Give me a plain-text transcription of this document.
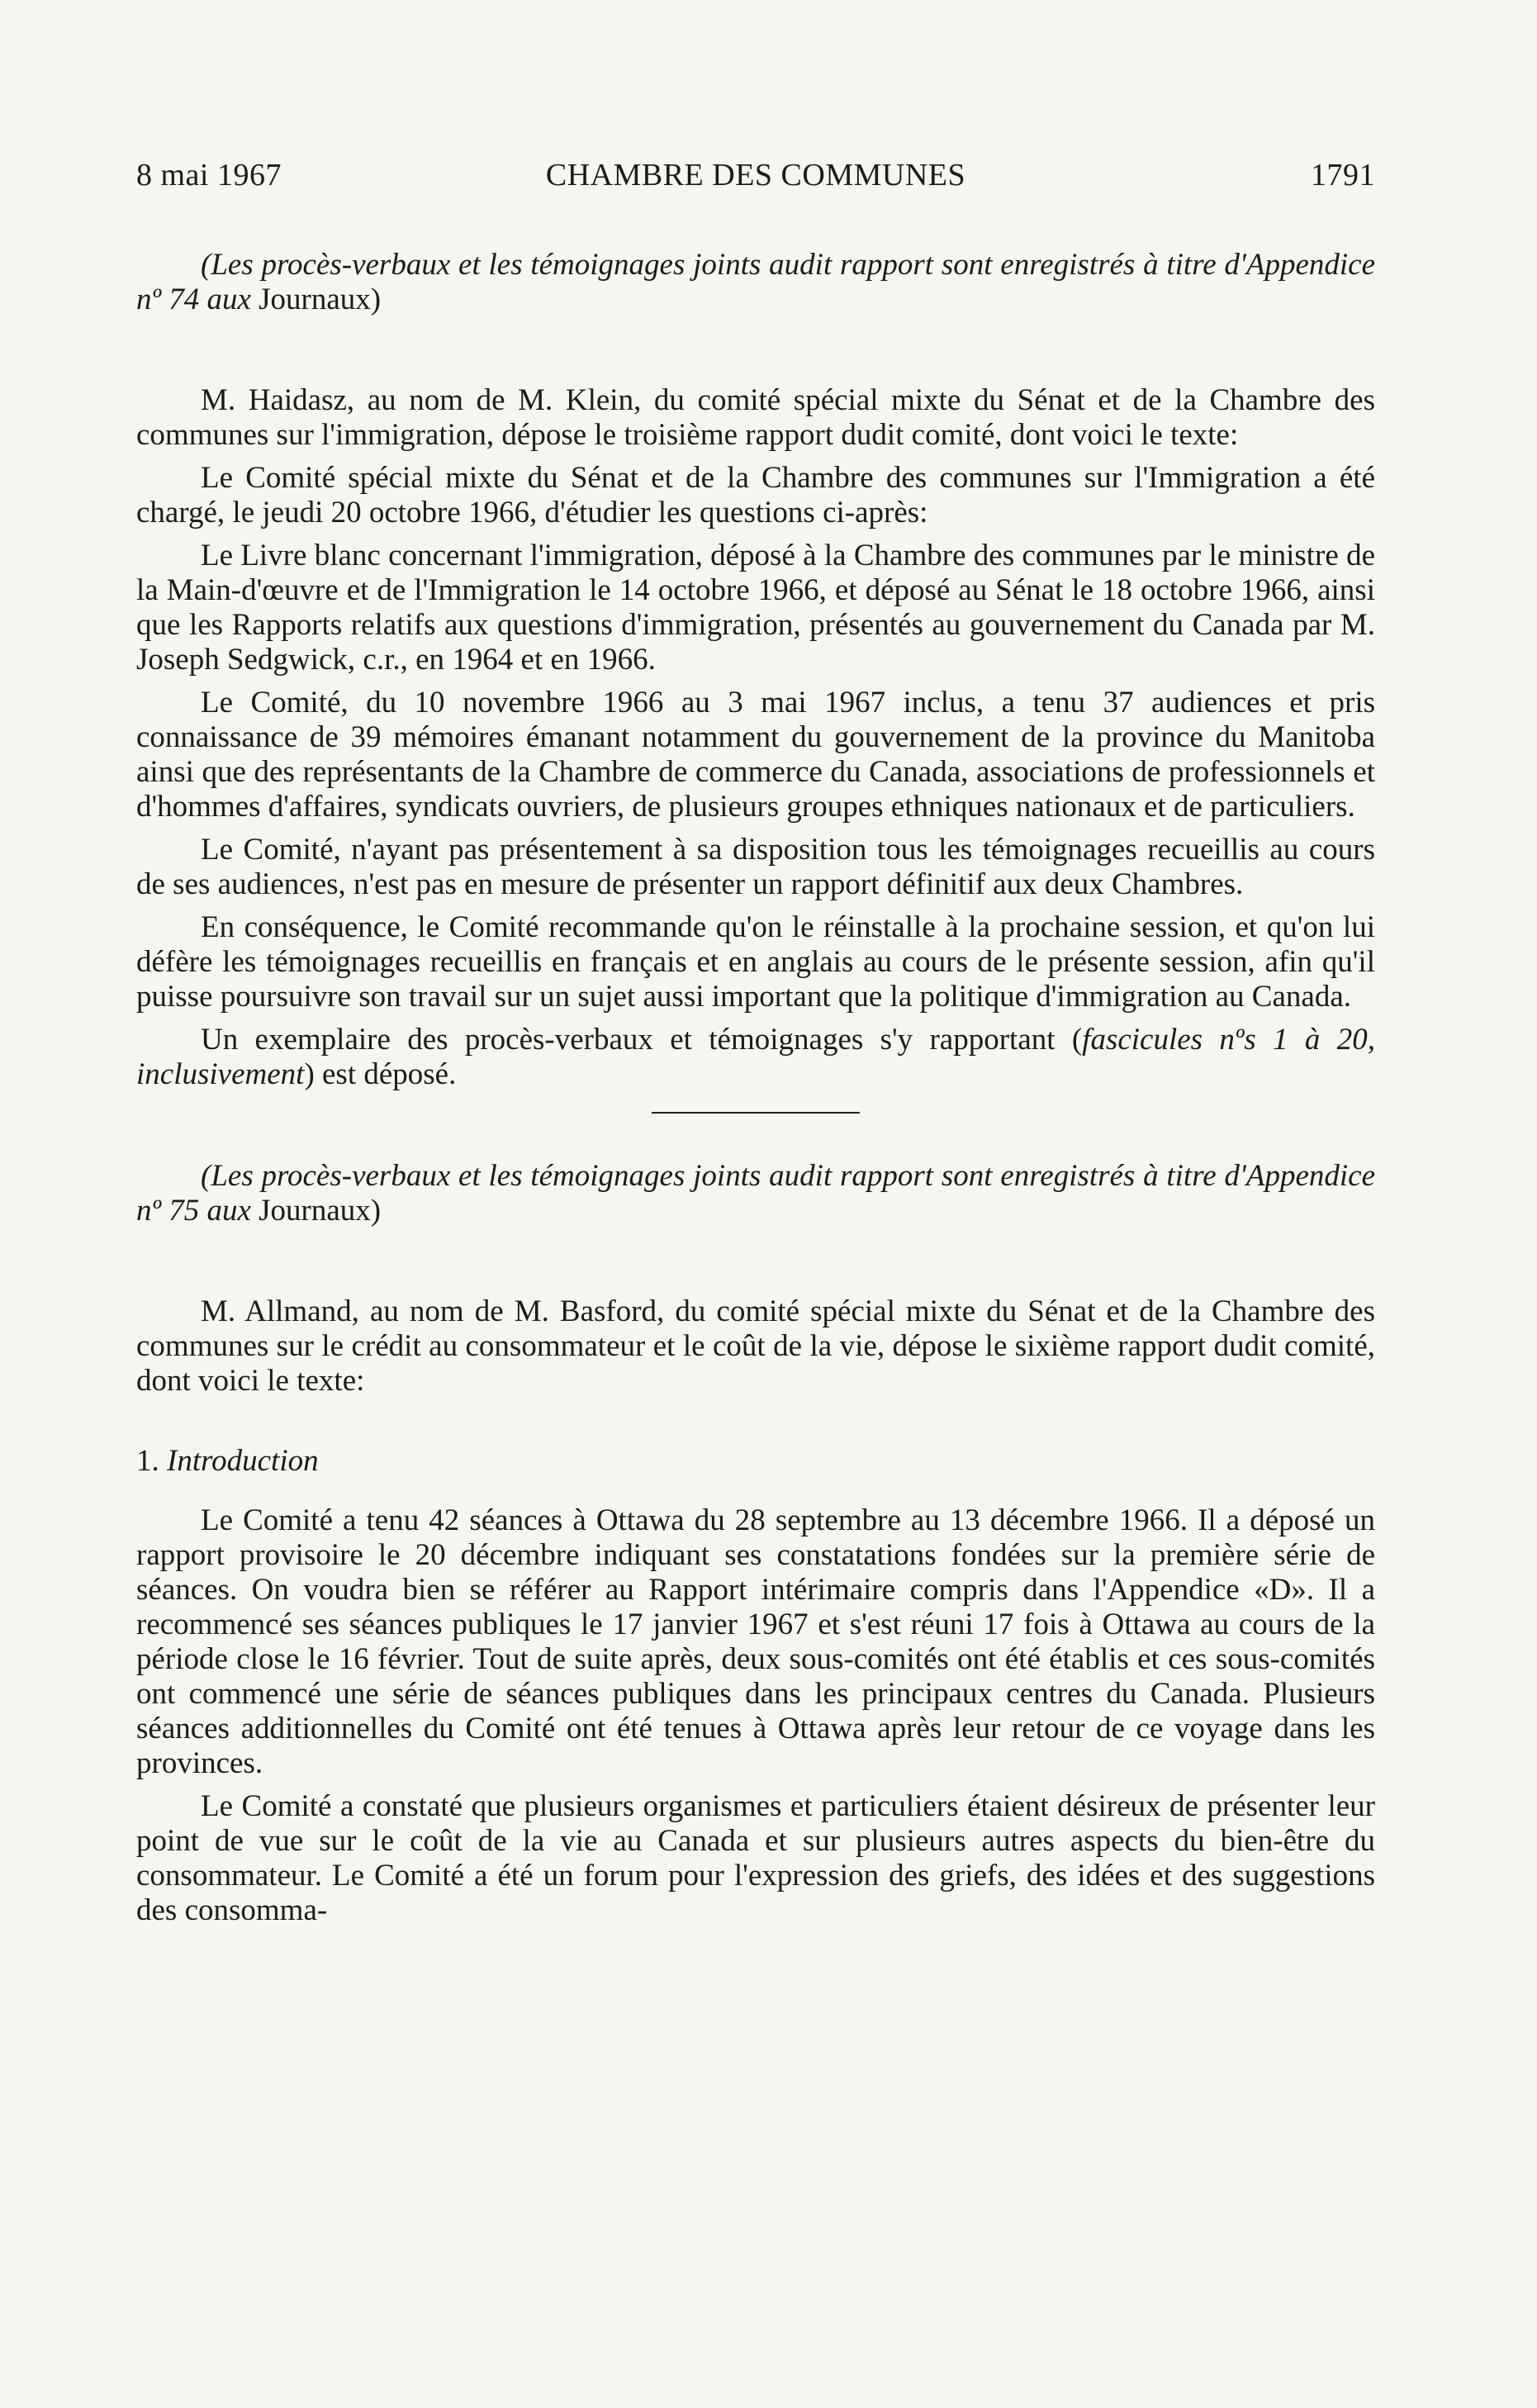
8 mai 1967	CHAMBRE DES COMMUNES	1791

(Les procès-verbaux et les témoignages joints audit rapport sont enregistrés à titre d'Appendice nº 74 aux Journaux)

M. Haidasz, au nom de M. Klein, du comité spécial mixte du Sénat et de la Chambre des communes sur l'immigration, dépose le troisième rapport dudit comité, dont voici le texte:

Le Comité spécial mixte du Sénat et de la Chambre des communes sur l'Immigration a été chargé, le jeudi 20 octobre 1966, d'étudier les questions ci-après:

Le Livre blanc concernant l'immigration, déposé à la Chambre des communes par le ministre de la Main-d'œuvre et de l'Immigration le 14 octobre 1966, et déposé au Sénat le 18 octobre 1966, ainsi que les Rapports relatifs aux questions d'immigration, présentés au gouvernement du Canada par M. Joseph Sedgwick, c.r., en 1964 et en 1966.

Le Comité, du 10 novembre 1966 au 3 mai 1967 inclus, a tenu 37 audiences et pris connaissance de 39 mémoires émanant notamment du gouvernement de la province du Manitoba ainsi que des représentants de la Chambre de commerce du Canada, associations de professionnels et d'hommes d'affaires, syndicats ouvriers, de plusieurs groupes ethniques nationaux et de particuliers.

Le Comité, n'ayant pas présentement à sa disposition tous les témoignages recueillis au cours de ses audiences, n'est pas en mesure de présenter un rapport définitif aux deux Chambres.

En conséquence, le Comité recommande qu'on le réinstalle à la prochaine session, et qu'on lui défère les témoignages recueillis en français et en anglais au cours de le présente session, afin qu'il puisse poursuivre son travail sur un sujet aussi important que la politique d'immigration au Canada.

Un exemplaire des procès-verbaux et témoignages s'y rapportant (fascicules nºs 1 à 20, inclusivement) est déposé.

(Les procès-verbaux et les témoignages joints audit rapport sont enregistrés à titre d'Appendice nº 75 aux Journaux)

M. Allmand, au nom de M. Basford, du comité spécial mixte du Sénat et de la Chambre des communes sur le crédit au consommateur et le coût de la vie, dépose le sixième rapport dudit comité, dont voici le texte:

1. Introduction

Le Comité a tenu 42 séances à Ottawa du 28 septembre au 13 décembre 1966. Il a déposé un rapport provisoire le 20 décembre indiquant ses constatations fondées sur la première série de séances. On voudra bien se référer au Rapport intérimaire compris dans l'Appendice «D». Il a recommencé ses séances publiques le 17 janvier 1967 et s'est réuni 17 fois à Ottawa au cours de la période close le 16 février. Tout de suite après, deux sous-comités ont été établis et ces sous-comités ont commencé une série de séances publiques dans les principaux centres du Canada. Plusieurs séances additionnelles du Comité ont été tenues à Ottawa après leur retour de ce voyage dans les provinces.

Le Comité a constaté que plusieurs organismes et particuliers étaient désireux de présenter leur point de vue sur le coût de la vie au Canada et sur plusieurs autres aspects du bien-être du consommateur. Le Comité a été un forum pour l'expression des griefs, des idées et des suggestions des consomma-
